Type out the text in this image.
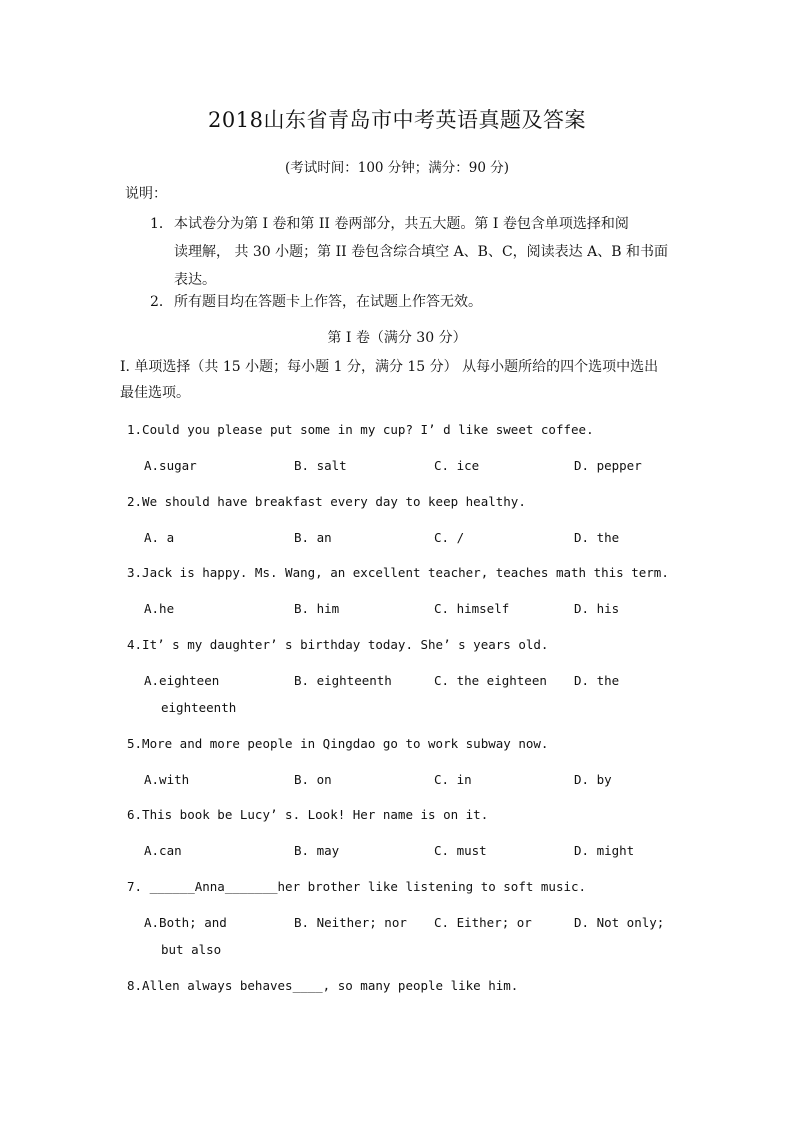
2018山东省青岛市中考英语真题及答案
(考试时间：100 分钟；满分：90 分)
说明：
1．本试卷分为第 I 卷和第 II 卷两部分，共五大题。第 I 卷包含单项选择和阅
读理解， 共 30 小题；第 II 卷包含综合填空 A、B、C，阅读表达 A、B 和书面
表达。
2．所有题目均在答题卡上作答，在试题上作答无效。
第 I 卷（满分 30 分）
I. 单项选择（共 15 小题；每小题 1 分，满分 15 分） 从每小题所给的四个选项中选出
最佳选项。
1.Could you please put some in my cup? I’ d like sweet coffee.
A.sugar	B. salt	C. ice	D. pepper
2.We should have breakfast every day to keep healthy.
A. a	B. an	C. /	D. the
3.Jack is happy. Ms. Wang, an excellent teacher, teaches math this term.
A.he	B. him	C. himself	D. his
4.It’ s my daughter’ s birthday today. She’ s years old.
A.eighteen	B. eighteenth	C. the eighteen D. the
eighteenth
5.More and more people in Qingdao go to work subway now.
A.with	B. on	C. in	D. by
6.This book be Lucy’ s. Look! Her name is on it.
A.can	B. may	C. must	D. might
7. ______Anna_______her brother like listening to soft music.
A.Both; and	B. Neither; nor C. Either; or	D. Not only;
but also
8.Allen always behaves____, so many people like him.
